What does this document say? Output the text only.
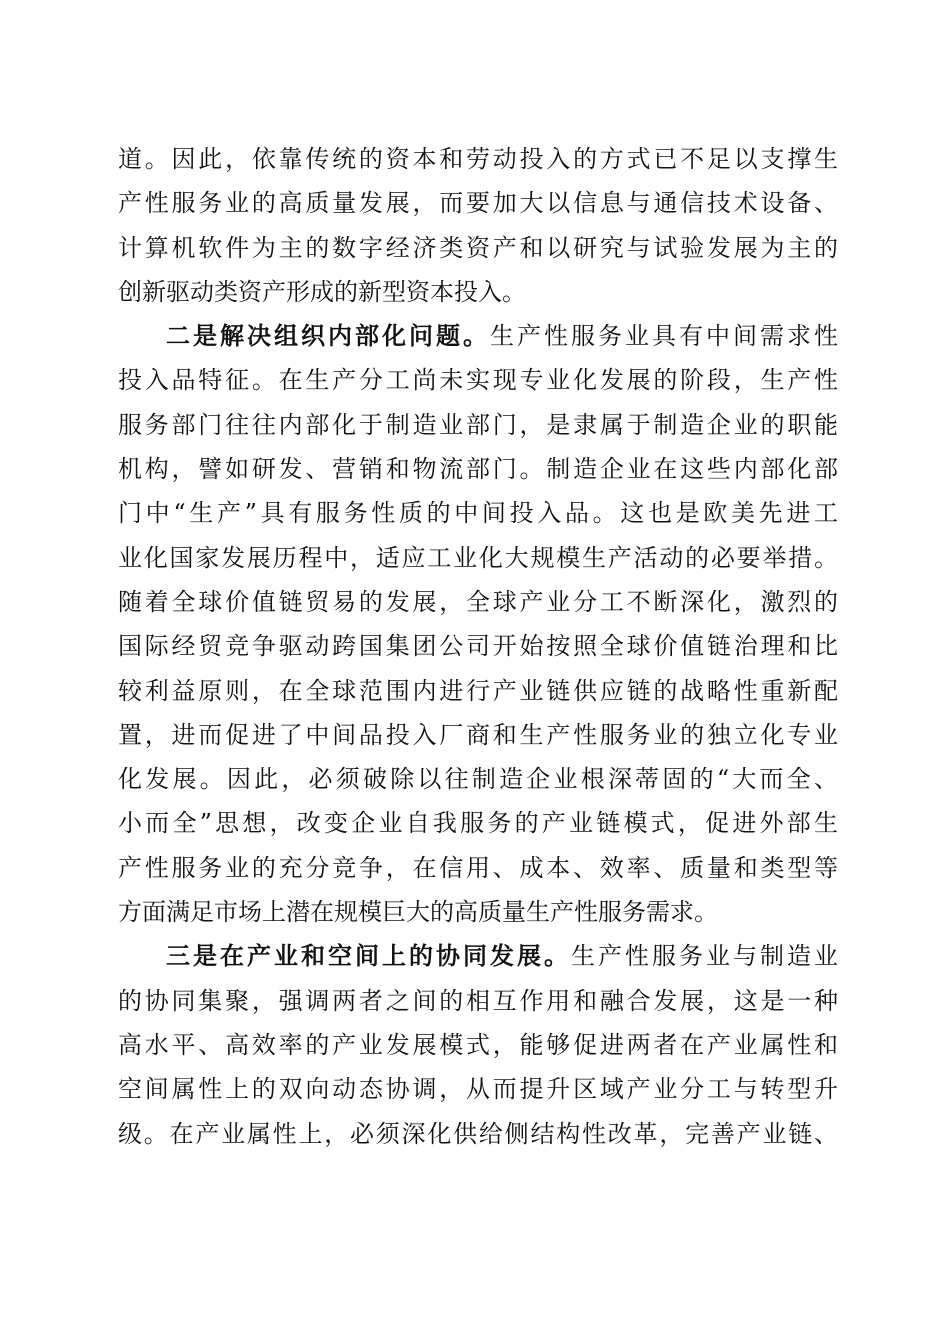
道。因此，依靠传统的资本和劳动投入的方式已不足以支撑生
产性服务业的高质量发展，而要加大以信息与通信技术设备、
计算机软件为主的数字经济类资产和以研究与试验发展为主的
创新驱动类资产形成的新型资本投入。
二是解决组织内部化问题。生产性服务业具有中间需求性
投入品特征。在生产分工尚未实现专业化发展的阶段，生产性
服务部门往往内部化于制造业部门，是隶属于制造企业的职能
机构，譬如研发、营销和物流部门。制造企业在这些内部化部
门中“生产”具有服务性质的中间投入品。这也是欧美先进工
业化国家发展历程中，适应工业化大规模生产活动的必要举措。
随着全球价值链贸易的发展，全球产业分工不断深化，激烈的
国际经贸竞争驱动跨国集团公司开始按照全球价值链治理和比
较利益原则，在全球范围内进行产业链供应链的战略性重新配
置，进而促进了中间品投入厂商和生产性服务业的独立化专业
化发展。因此，必须破除以往制造企业根深蒂固的“大而全、
小而全”思想，改变企业自我服务的产业链模式，促进外部生
产性服务业的充分竞争，在信用、成本、效率、质量和类型等
方面满足市场上潜在规模巨大的高质量生产性服务需求。
三是在产业和空间上的协同发展。生产性服务业与制造业
的协同集聚，强调两者之间的相互作用和融合发展，这是一种
高水平、高效率的产业发展模式，能够促进两者在产业属性和
空间属性上的双向动态协调，从而提升区域产业分工与转型升
级。在产业属性上，必须深化供给侧结构性改革，完善产业链、
